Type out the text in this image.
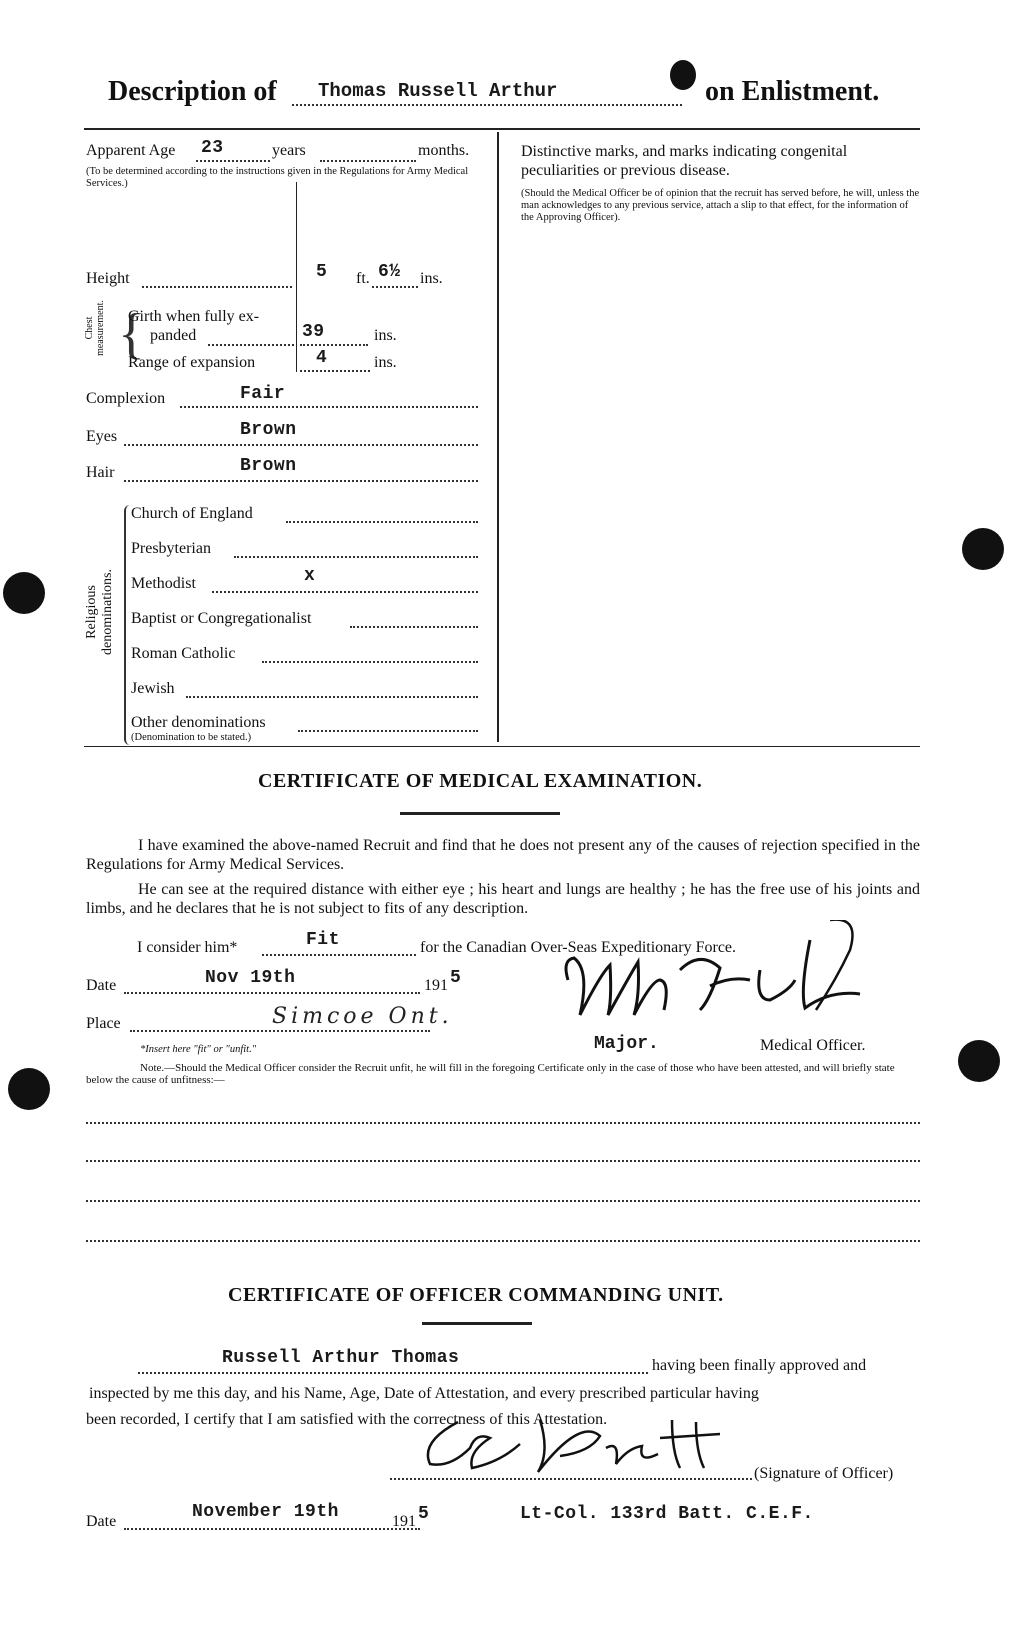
Description of Thomas Russell Arthur	on Enlistment.
Apparent Age 23	years	months.
(To be determined according to the instructions given in the Regulations for Army Medical Services.)
Height	5 ft. 6½ ins.
Chest measurement. {
Girth when fully ex-
panded	39	ins.
Range of expansion	4	ins.
Complexion	Fair
Eyes	Brown
Hair	Brown
Religious denominations.
Church of England
Presbyterian
Methodist	x
Baptist or Congregationalist
Roman Catholic
Jewish
Other denominations
(Denomination to be stated.)
Distinctive marks, and marks indicating congenital peculiarities or previous disease.
(Should the Medical Officer be of opinion that the recruit has served before, he will, unless the man acknowledges to any previous service, attach a slip to that effect, for the information of the Approving Officer).
CERTIFICATE OF MEDICAL EXAMINATION.
I have examined the above-named Recruit and find that he does not present any of the causes of rejection specified in the Regulations for Army Medical Services.
He can see at the required distance with either eye ; his heart and lungs are healthy ; he has the free use of his joints and limbs, and he declares that he is not subject to fits of any description.
I consider him*	Fit	for the Canadian Over-Seas Expeditionary Force.
Date	Nov 19th	191 5
Place	Simcoe Ont.
*Insert here "fit" or "unfit."	Major.	Medical Officer.
Note.—Should the Medical Officer consider the Recruit unfit, he will fill in the foregoing Certificate only in the case of those who have been attested, and will briefly state below the cause of unfitness:—
CERTIFICATE OF OFFICER COMMANDING UNIT.
Russell Arthur Thomas	having been finally approved and
inspected by me this day, and his Name, Age, Date of Attestation, and every prescribed particular having
been recorded, I certify that I am satisfied with the correctness of this Attestation.
(Signature of Officer)
Date	November 19th	191 5	Lt-Col. 133rd Batt. C.E.F.
